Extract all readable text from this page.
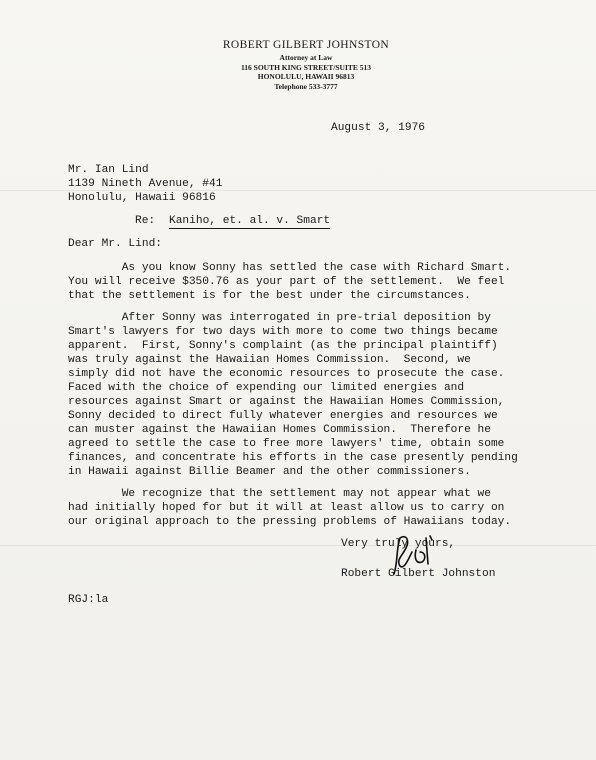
ROBERT GILBERT JOHNSTON
Attorney at Law
116 SOUTH KING STREET/SUITE 513
HONOLULU, HAWAII 96813
Telephone 533-3777
August 3, 1976
Mr. Ian Lind
1139 Nineth Avenue, #41
Honolulu, Hawaii 96816
Re: Kaniho, et. al. v. Smart
Dear Mr. Lind:
As you know Sonny has settled the case with Richard Smart.
You will receive $350.76 as your part of the settlement.  We feel
that the settlement is for the best under the circumstances.
After Sonny was interrogated in pre-trial deposition by
Smart's lawyers for two days with more to come two things became
apparent.  First, Sonny's complaint (as the principal plaintiff)
was truly against the Hawaiian Homes Commission.  Second, we
simply did not have the economic resources to prosecute the case.
Faced with the choice of expending our limited energies and
resources against Smart or against the Hawaiian Homes Commission,
Sonny decided to direct fully whatever energies and resources we
can muster against the Hawaiian Homes Commission.  Therefore he
agreed to settle the case to free more lawyers' time, obtain some
finances, and concentrate his efforts in the case presently pending
in Hawaii against Billie Beamer and the other commissioners.
We recognize that the settlement may not appear what we
had initially hoped for but it will at least allow us to carry on
our original approach to the pressing problems of Hawaiians today.
Very truly yours,
Robert Gilbert Johnston
RGJ:la
